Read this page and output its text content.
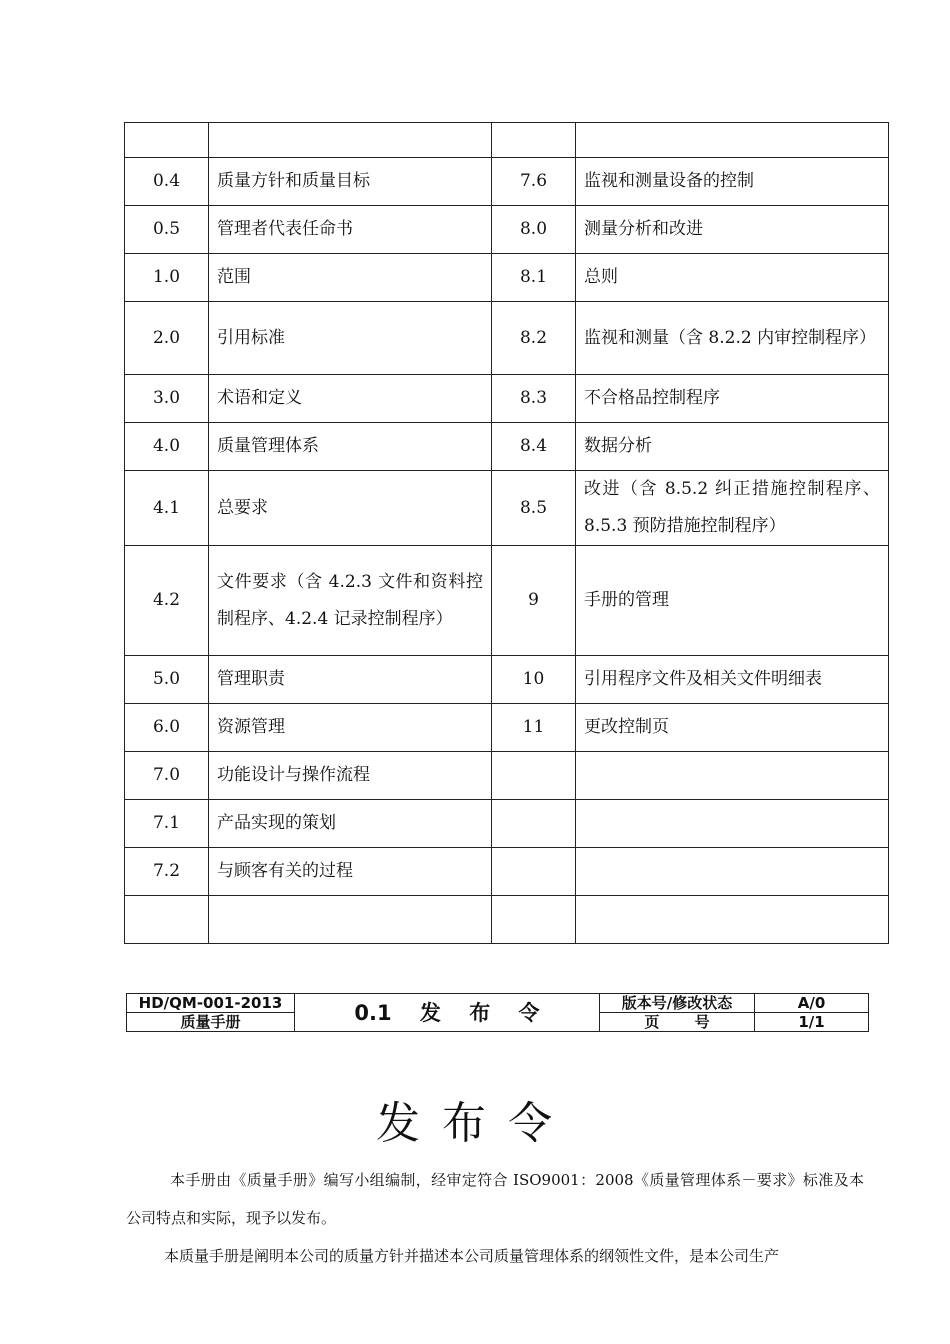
0.4	质量方针和质量目标	7.6	监视和测量设备的控制
0.5	管理者代表任命书	8.0	测量分析和改进
1.0	范围	8.1	总则
2.0	引用标准	8.2	监视和测量（含 8.2.2 内审控制程序）
3.0	术语和定义	8.3	不合格品控制程序
4.0	质量管理体系	8.4	数据分析
4.1	总要求	8.5	改进（含 8.5.2 纠正措施控制程序、8.5.3 预防措施控制程序）
4.2	文件要求（含 4.2.3 文件和资料控制程序、4.2.4 记录控制程序）	9	手册的管理
5.0	管理职责	10	引用程序文件及相关文件明细表
6.0	资源管理	11	更改控制页
7.0	功能设计与操作流程		
7.1	产品实现的策划		
7.2	与顾客有关的过程		

HD/QM-001-2013	0.1　 发　 布　 令	版本号/修改状态	A/0
质量手册		页　　 号	1/1
发布令

本手册由《质量手册》编写小组编制，经审定符合 ISO9001：2008《质量管理体系－要求》标准及本公司特点和实际，现予以发布。

本质量手册是阐明本公司的质量方针并描述本公司质量管理体系的纲领性文件，是本公司生产
